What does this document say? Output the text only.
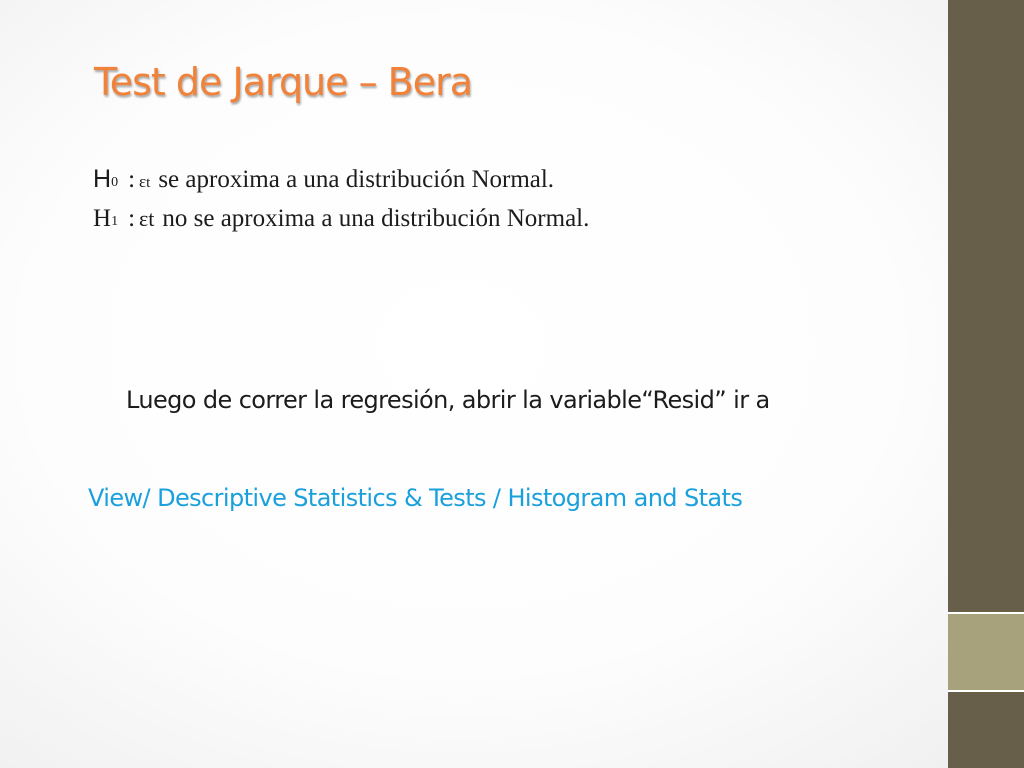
Test de Jarque – Bera
H0 : εt se aproxima a una distribución Normal.
H1 : εt no se aproxima a una distribución Normal.
Luego de correr la regresión, abrir la variable“Resid” ir a
View/ Descriptive Statistics & Tests / Histogram and Stats
